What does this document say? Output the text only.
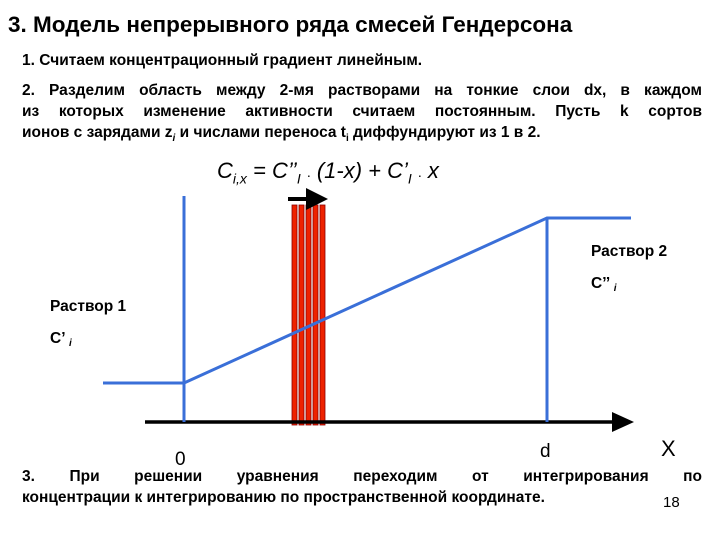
3. Модель непрерывного ряда смесей Гендерсона
1. Считаем концентрационный градиент линейным.
2. Разделим область между 2-мя растворами на тонкие слои dx, в каждом
из которых изменение активности считаем постоянным. Пусть k сортов
ионов с зарядами $z_i$ и числами переноса $t_i$ диффундируют из 1 в 2.
$C_{i,x}$ = $C’’_I$ . $(1-x) + C’_I$ . x
Раствор 1
C’ i
Раствор 2
C’’ i
0	d	X
3. При решении уравнения переходим от интегрирования по
концентрации к интегрированию по пространственной координате.	18
